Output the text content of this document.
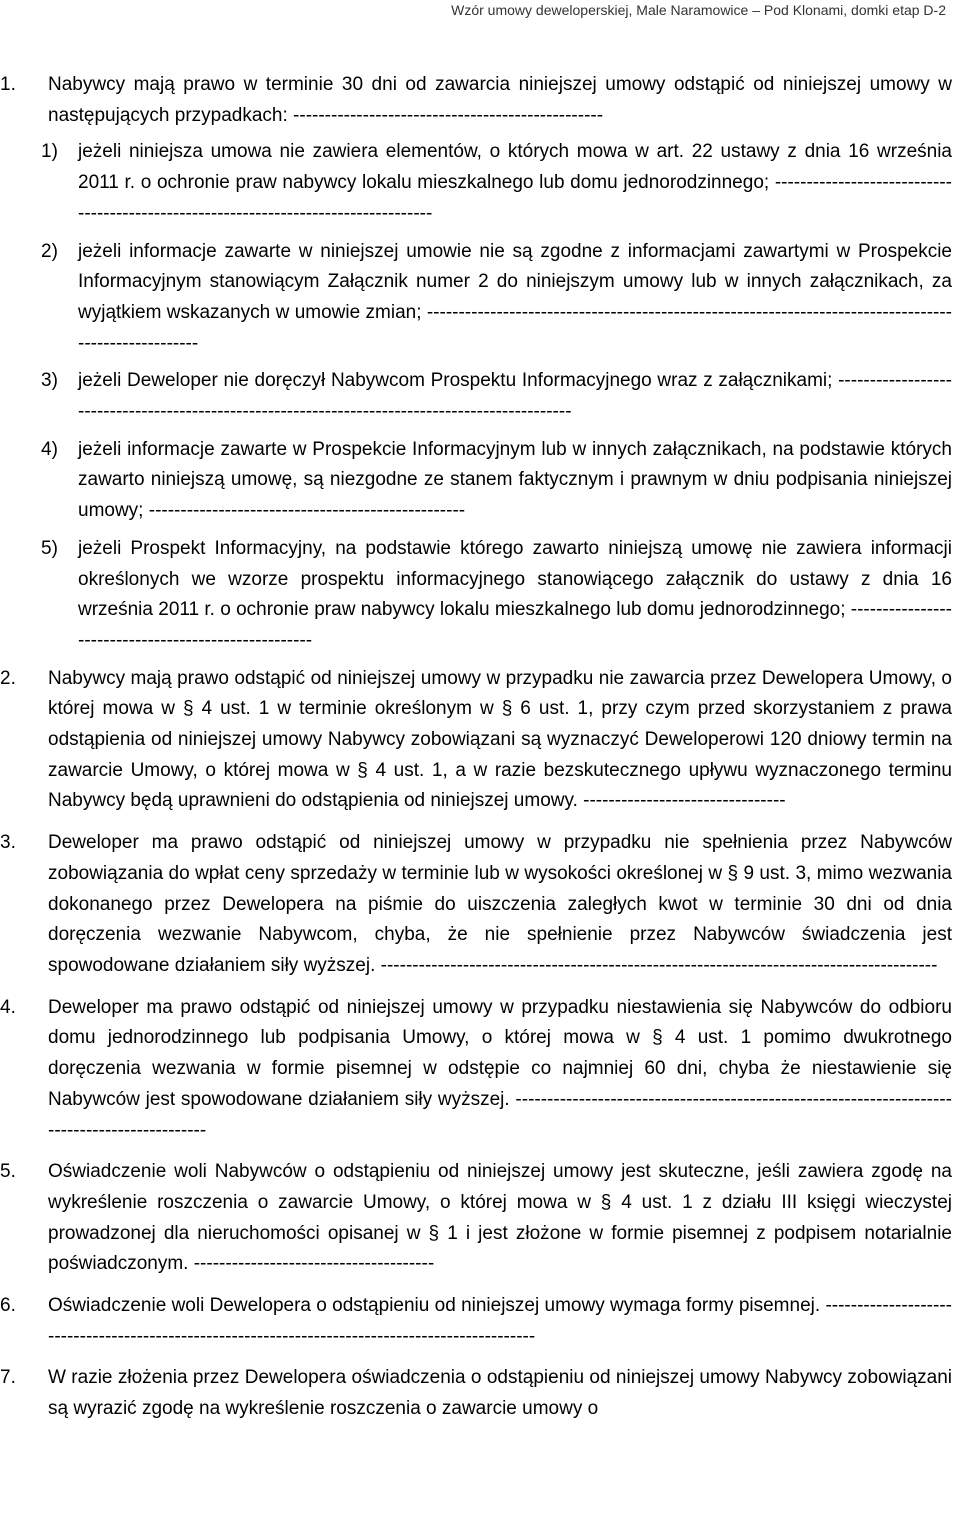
Wzór umowy deweloperskiej, Male Naramowice – Pod Klonami, domki etap D-2
1. Nabywcy mają prawo w terminie 30 dni od zawarcia niniejszej umowy odstąpić od niniejszej umowy w następujących przypadkach: -------------------------------------------------

1) jeżeli niniejsza umowa nie zawiera elementów, o których mowa w art. 22 ustawy z dnia 16 września 2011 r. o ochronie praw nabywcy lokalu mieszkalnego lub domu jednorodzinnego; ------------------------------------------------------------------------------------

2) jeżeli informacje zawarte w niniejszej umowie nie są zgodne z informacjami zawartymi w Prospekcie Informacyjnym stanowiącym Załącznik numer 2 do niniejszym umowy lub w innych załącznikach, za wyjątkiem wskazanych w umowie zmian; ------------------------------------------------------------------------------------------------------

3) jeżeli Deweloper nie doręczył Nabywcom Prospektu Informacyjnego wraz z załącznikami; ------------------------------------------------------------------------------------------------

4) jeżeli informacje zawarte w Prospekcie Informacyjnym lub w innych załącznikach, na podstawie których zawarto niniejszą umowę, są niezgodne ze stanem faktycznym i prawnym w dniu podpisania niniejszej umowy; --------------------------------------------------

5) jeżeli Prospekt Informacyjny, na podstawie którego zawarto niniejszą umowę nie zawiera informacji określonych we wzorze prospektu informacyjnego stanowiącego załącznik do ustawy z dnia 16 września 2011 r. o ochronie praw nabywcy lokalu mieszkalnego lub domu jednorodzinnego; -----------------------------------------------------

2. Nabywcy mają prawo odstąpić od niniejszej umowy w przypadku nie zawarcia przez Dewelopera Umowy, o której mowa w § 4 ust. 1 w terminie określonym w § 6 ust. 1, przy czym przed skorzystaniem z prawa odstąpienia od niniejszej umowy Nabywcy zobowiązani są wyznaczyć Deweloperowi 120 dniowy termin na zawarcie Umowy, o której mowa w § 4 ust. 1, a w razie bezskutecznego upływu wyznaczonego terminu Nabywcy będą uprawnieni do odstąpienia od niniejszej umowy. --------------------------------

3. Deweloper ma prawo odstąpić od niniejszej umowy w przypadku nie spełnienia przez Nabywców zobowiązania do wpłat ceny sprzedaży w terminie lub w wysokości określonej w § 9 ust. 3, mimo wezwania dokonanego przez Dewelopera na piśmie do uiszczenia zaległych kwot w terminie 30 dni od dnia doręczenia wezwanie Nabywcom, chyba, że nie spełnienie przez Nabywców świadczenia jest spowodowane działaniem siły wyższej. ----------------------------------------------------------------------------------------

4. Deweloper ma prawo odstąpić od niniejszej umowy w przypadku niestawienia się Nabywców do odbioru domu jednorodzinnego lub podpisania Umowy, o której mowa w § 4 ust. 1 pomimo dwukrotnego doręczenia wezwania w formie pisemnej w odstępie co najmniej 60 dni, chyba że niestawienie się Nabywców jest spowodowane działaniem siły wyższej. ----------------------------------------------------------------------------------------------

5. Oświadczenie woli Nabywców o odstąpieniu od niniejszej umowy jest skuteczne, jeśli zawiera zgodę na wykreślenie roszczenia o zawarcie Umowy, o której mowa w § 4 ust. 1 z działu III księgi wieczystej prowadzonej dla nieruchomości opisanej w § 1 i jest złożone w formie pisemnej z podpisem notarialnie poświadczonym. --------------------------------------

6. Oświadczenie woli Dewelopera o odstąpieniu od niniejszej umowy wymaga formy pisemnej. -------------------------------------------------------------------------------------------------

7. W razie złożenia przez Dewelopera oświadczenia o odstąpieniu od niniejszej umowy Nabywcy zobowiązani są wyrazić zgodę na wykreślenie roszczenia o zawarcie umowy o
